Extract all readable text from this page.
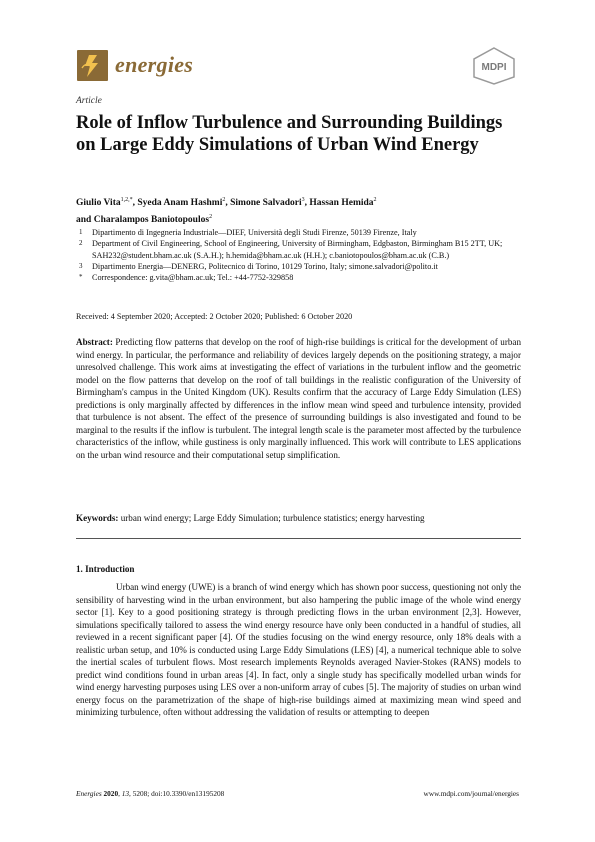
energies	MDPI
Article
Role of Inflow Turbulence and Surrounding Buildings on Large Eddy Simulations of Urban Wind Energy
Giulio Vita$^{1,2,*}$, Syeda Anam Hashmi$^2$, Simone Salvadori$^3$, Hassan Hemida$^2$
and Charalampos Baniotopoulos$^2$
1 Dipartimento di Ingegneria Industriale—DIEF, Università degli Studi Firenze, 50139 Firenze, Italy
2 Department of Civil Engineering, School of Engineering, University of Birmingham, Edgbaston, Birmingham B15 2TT, UK; SAH232@student.bham.ac.uk (S.A.H.); h.hemida@bham.ac.uk (H.H.); c.baniotopoulos@bham.ac.uk (C.B.)
3 Dipartimento Energia—DENERG, Politecnico di Torino, 10129 Torino, Italy; simone.salvadori@polito.it
* Correspondence: g.vita@bham.ac.uk; Tel.: +44-7752-329858
Received: 4 September 2020; Accepted: 2 October 2020; Published: 6 October 2020
Abstract: Predicting flow patterns that develop on the roof of high-rise buildings is critical for the development of urban wind energy. In particular, the performance and reliability of devices largely depends on the positioning strategy, a major unresolved challenge. This work aims at investigating the effect of variations in the turbulent inflow and the geometric model on the flow patterns that develop on the roof of tall buildings in the realistic configuration of the University of Birmingham's campus in the United Kingdom (UK). Results confirm that the accuracy of Large Eddy Simulation (LES) predictions is only marginally affected by differences in the inflow mean wind speed and turbulence intensity, provided that turbulence is not absent. The effect of the presence of surrounding buildings is also investigated and found to be marginal to the results if the inflow is turbulent. The integral length scale is the parameter most affected by the turbulence characteristics of the inflow, while gustiness is only marginally influenced. This work will contribute to LES applications on the urban wind resource and their computational setup simplification.
Keywords: urban wind energy; Large Eddy Simulation; turbulence statistics; energy harvesting
1. Introduction
Urban wind energy (UWE) is a branch of wind energy which has shown poor success, questioning not only the sensibility of harvesting wind in the urban environment, but also hampering the public image of the whole wind energy sector [1]. Key to a good positioning strategy is through predicting flows in the urban environment [2,3]. However, simulations specifically tailored to assess the wind energy resource have only been conducted in a handful of studies, all reviewed in a recent significant paper [4]. Of the studies focusing on the wind energy resource, only 18% deals with a realistic urban setup, and 10% is conducted using Large Eddy Simulations (LES) [4], a numerical technique able to solve the inertial scales of turbulent flows. Most research implements Reynolds averaged Navier-Stokes (RANS) models to predict wind conditions found in urban areas [4]. In fact, only a single study has specifically modelled urban winds for wind energy harvesting purposes using LES over a non-uniform array of cubes [5]. The majority of studies on urban wind energy focus on the parametrization of the shape of high-rise buildings aimed at maximizing mean wind speed and minimizing turbulence, often without addressing the validation of results or attempting to deepen
Energies 2020, 13, 5208; doi:10.3390/en13195208	www.mdpi.com/journal/energies
